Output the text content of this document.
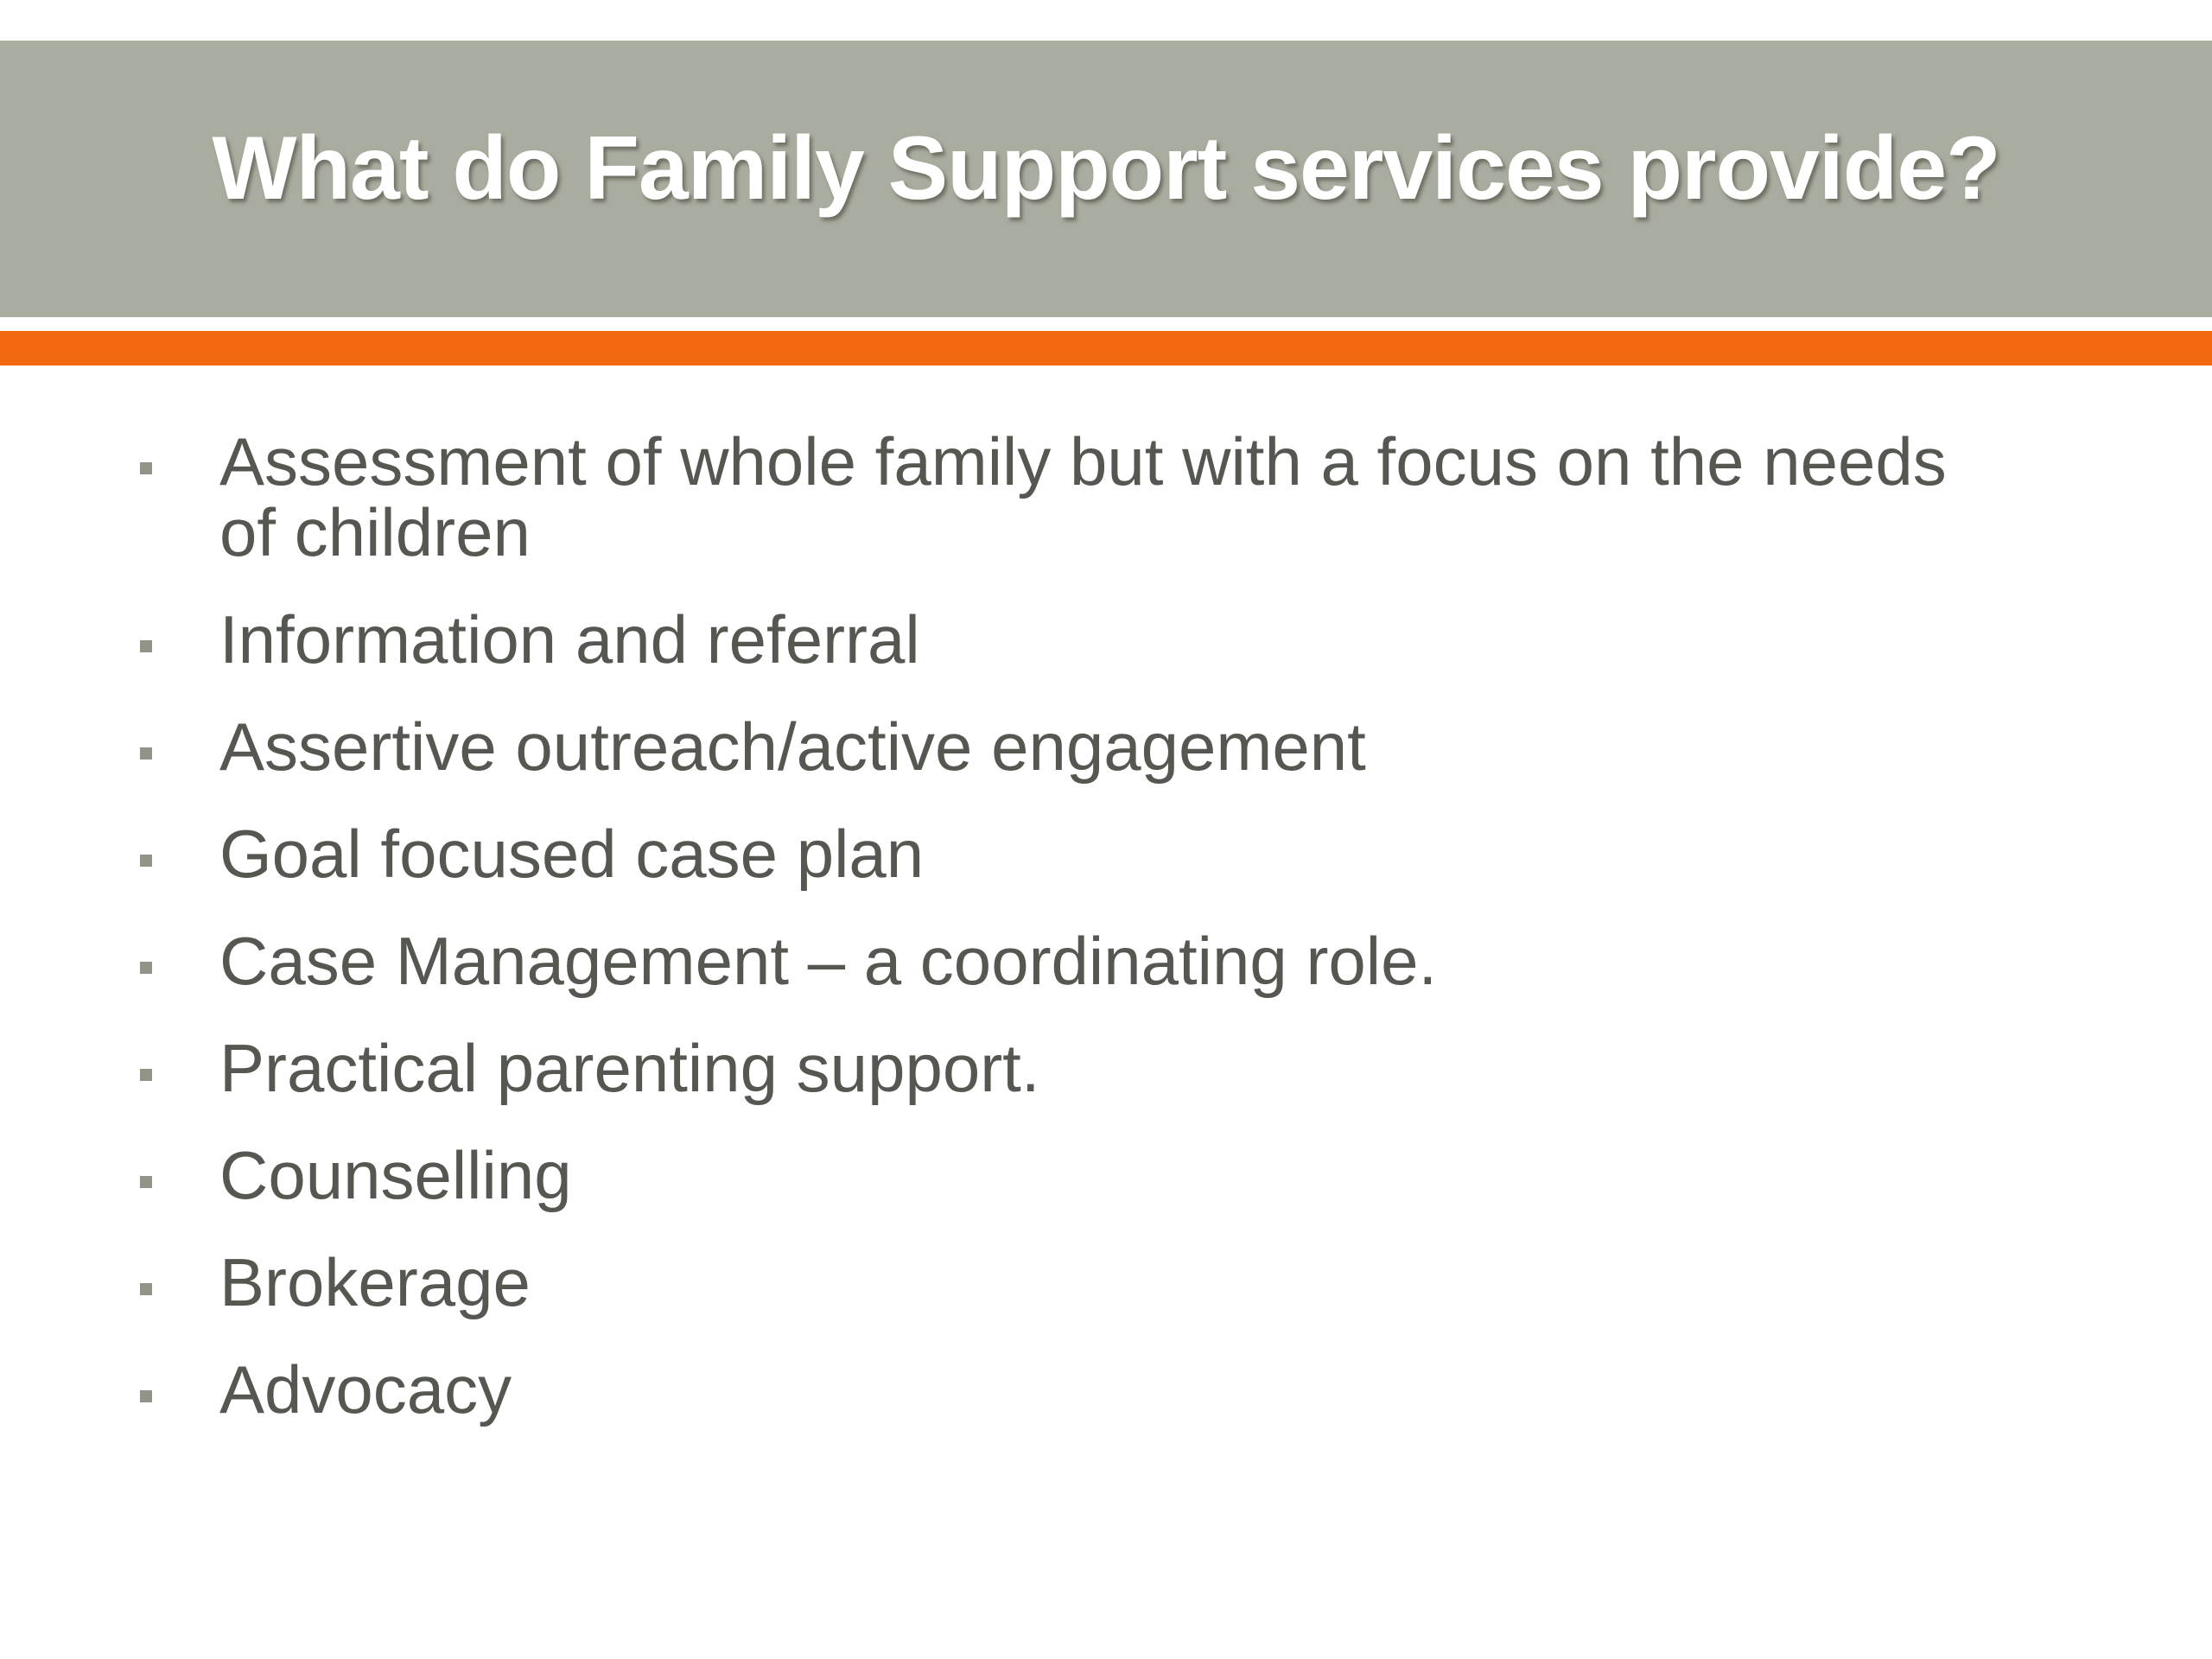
What do Family Support services provide?
Assessment of whole family but with a focus on the needs of children
Information and referral
Assertive outreach/active engagement
Goal focused case plan
Case Management – a coordinating role.
Practical parenting support.
Counselling
Brokerage
Advocacy
